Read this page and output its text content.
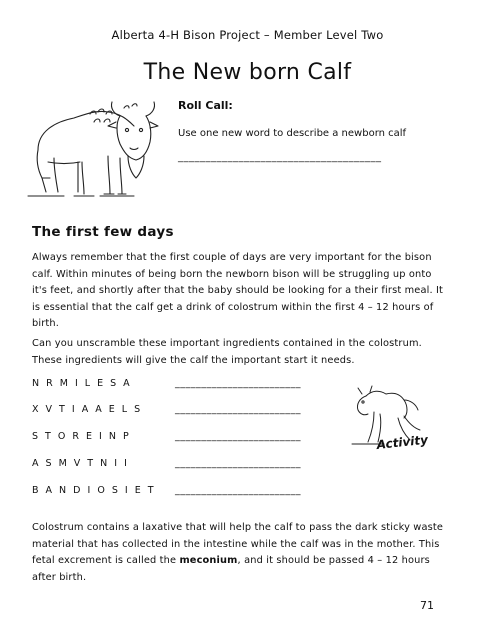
Alberta 4-H Bison Project – Member Level Two
The New born Calf
Roll Call:
Use one new word to describe a newborn calf
_____________________________________
The first few days
Always remember that the first couple of days are very important for the bison calf. Within minutes of being born the newborn bison will be struggling up onto it's feet, and shortly after that the baby should be looking for a their first meal. It is essential that the calf get a drink of colostrum within the first 4 – 12 hours of birth.
Can you unscramble these important ingredients contained in the colostrum. These ingredients will give the calf the important start it needs.
N R M I L E S A	________________________
X V T I A A E L S	________________________
S T O R E I N P	________________________
A S M V T N I I	________________________
B A N D I O S I E T ________________________
Activity
Colostrum contains a laxative that will help the calf to pass the dark sticky waste material that has collected in the intestine while the calf was in the mother. This fetal excrement is called the meconium, and it should be passed 4 – 12 hours after birth.
71
